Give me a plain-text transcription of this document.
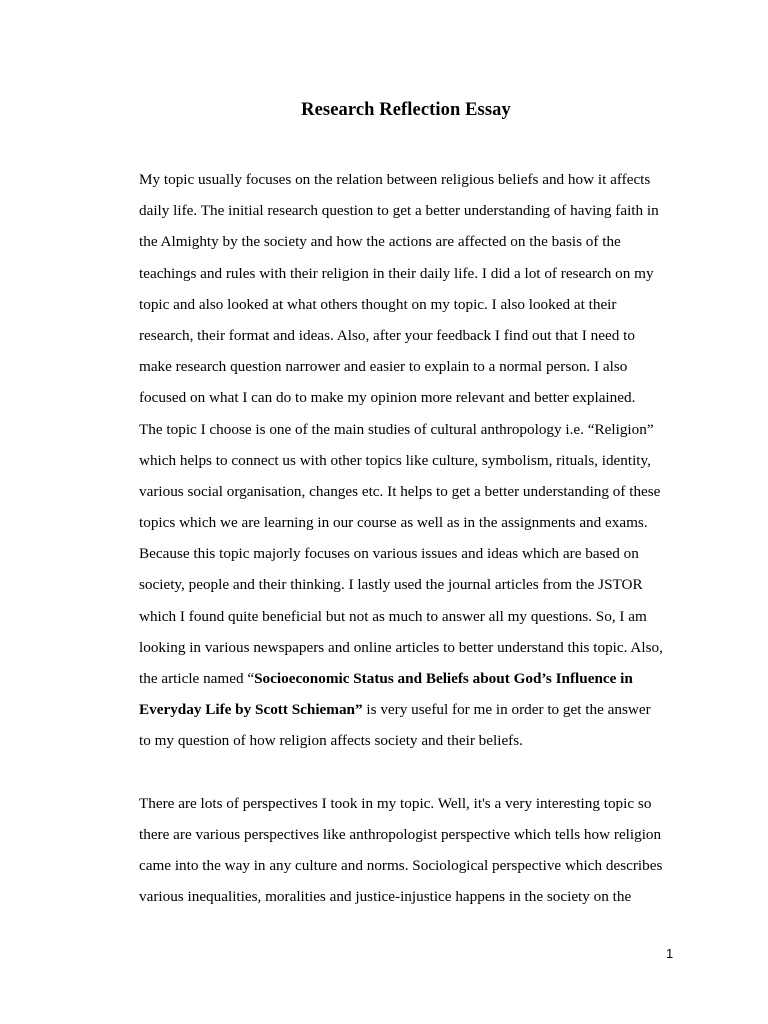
Research Reflection Essay
My topic usually focuses on the relation between religious beliefs and how it affects
daily life. The initial research question to get a better understanding of having faith in
the Almighty by the society and how the actions are affected on the basis of the
teachings and rules with their religion in their daily life. I did a lot of research on my
topic and also looked at what others thought on my topic. I also looked at their
research, their format and ideas. Also, after your feedback I find out that I need to
make research question narrower and easier to explain to a normal person. I also
focused on what I can do to make my opinion more relevant and better explained.
The topic I choose is one of the main studies of cultural anthropology i.e. “Religion”
which helps to connect us with other topics like culture, symbolism, rituals, identity,
various social organisation, changes etc. It helps to get a better understanding of these
topics which we are learning in our course as well as in the assignments and exams.
Because this topic majorly focuses on various issues and ideas which are based on
society, people and their thinking. I lastly used the journal articles from the JSTOR
which I found quite beneficial but not as much to answer all my questions. So, I am
looking in various newspapers and online articles to better understand this topic. Also,
the article named “Socioeconomic Status and Beliefs about God’s Influence in
Everyday Life by Scott Schieman” is very useful for me in order to get the answer
to my question of how religion affects society and their beliefs.
There are lots of perspectives I took in my topic. Well, it's a very interesting topic so
there are various perspectives like anthropologist perspective which tells how religion
came into the way in any culture and norms. Sociological perspective which describes
various inequalities, moralities and justice-injustice happens in the society on the
1
